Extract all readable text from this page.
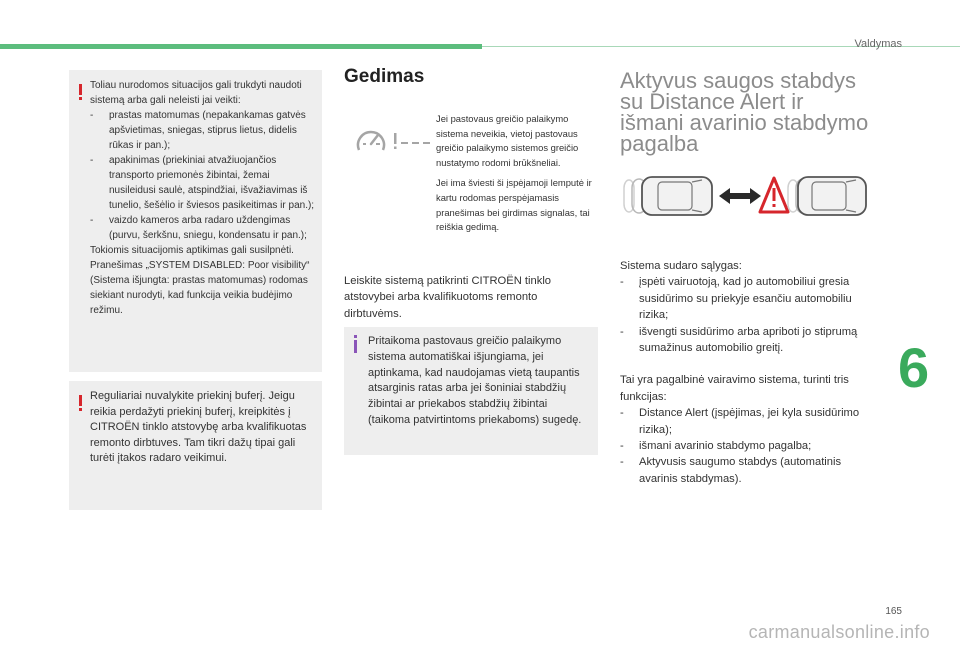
Valdymas
6
165
carmanualsonline.info

Toliau nurodomos situacijos gali trukdyti naudoti sistemą arba gali neleisti jai veikti:

- prastas matomumas (nepakankamas gatvės apšvietimas, sniegas, stiprus lietus, didelis rūkas ir pan.);
- apakinimas (priekiniai atvažiuojančios transporto priemonės žibintai, žemai nusileidusi saulė, atspindžiai, išvažiavimas iš tunelio, šešėlio ir šviesos pasikeitimas ir pan.);
- vaizdo kameros arba radaro uždengimas (purvu, šerkšnu, sniegu, kondensatu ir pan.);

Tokiomis situacijomis aptikimas gali susilpnėti. Pranešimas „SYSTEM DISABLED: Poor visibility“ (Sistema išjungta: prastas matomumas) rodomas siekiant nurodyti, kad funkcija veikia budėjimo režimu.

Reguliariai nuvalykite priekinį buferį. Jeigu reikia perdažyti priekinį buferį, kreipkitės į CITROËN tinklo atstovybę arba kvalifikuotas remonto dirbtuves. Tam tikri dažų tipai gali turėti įtakos radaro veikimui.

Gedimas

Jei pastovaus greičio palaikymo sistema neveikia, vietoj pastovaus greičio palaikymo sistemos greičio nustatymo rodomi brūkšneliai.

Jei ima šviesti ši įspėjamoji lemputė ir kartu rodomas perspėjamasis pranešimas bei girdimas signalas, tai reiškia gedimą.

Leiskite sistemą patikrinti CITROËN tinklo atstovybei arba kvalifikuotoms remonto dirbtuvėms.

Pritaikoma pastovaus greičio palaikymo sistema automatiškai išjungiama, jei aptinkama, kad naudojamas vietą taupantis atsarginis ratas arba jei šoniniai stabdžių žibintai ar priekabos stabdžių žibintai (taikoma patvirtintoms priekaboms) sugedę.

Aktyvus saugos stabdys su Distance Alert ir išmani avarinio stabdymo pagalba

Sistema sudaro sąlygas:

- įspėti vairuotoją, kad jo automobiliui gresia susidūrimo su priekyje esančiu automobiliu rizika;
- išvengti susidūrimo arba apriboti jo stiprumą sumažinus automobilio greitį.

Tai yra pagalbinė vairavimo sistema, turinti tris funkcijas:

- Distance Alert (įspėjimas, jei kyla susidūrimo rizika);
- išmani avarinio stabdymo pagalba;
- Aktyvusis saugumo stabdys (automatinis avarinis stabdymas).
